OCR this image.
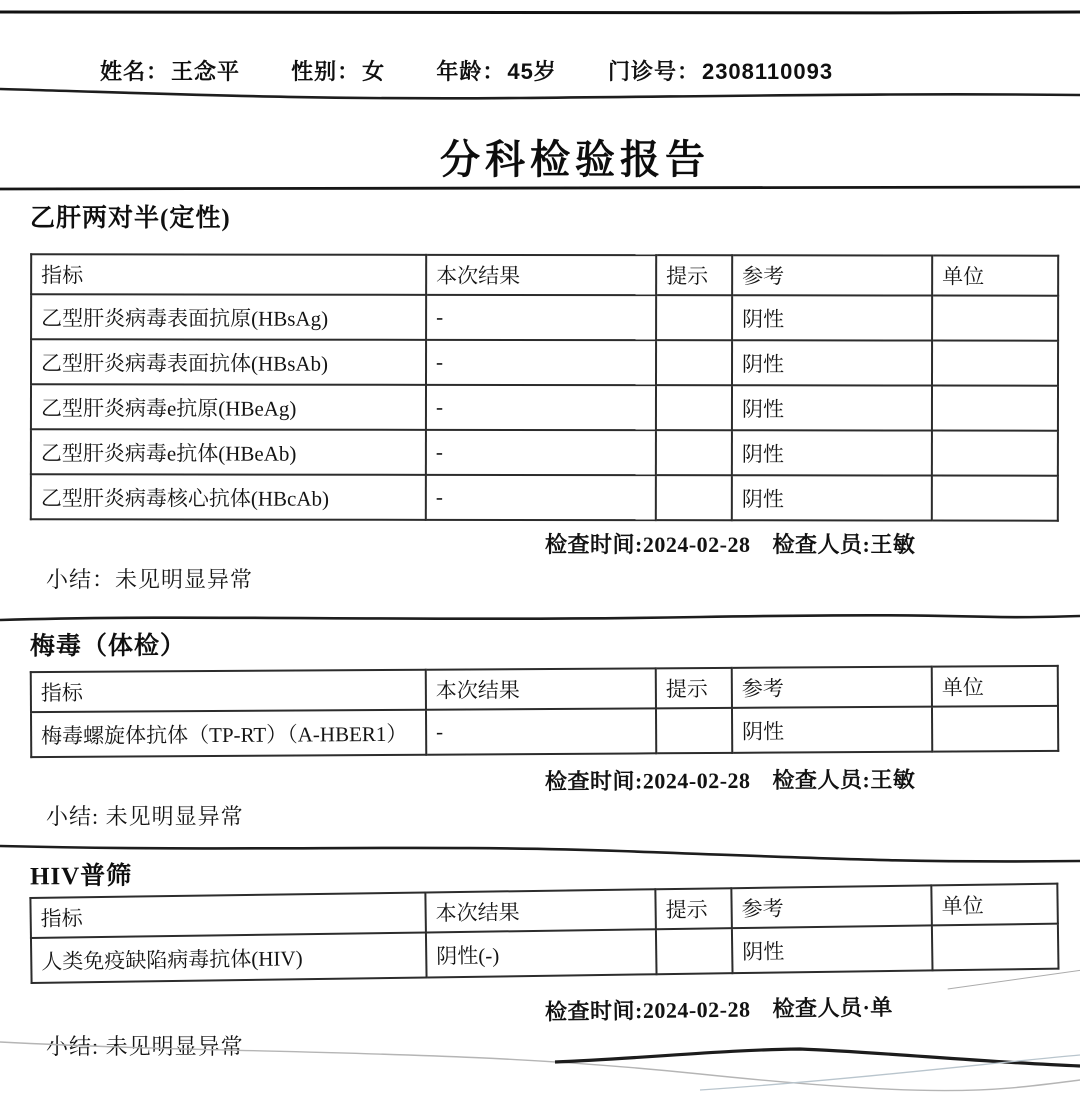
姓名：王念平 性别：女 年龄：45岁 门诊号：2308110093
分科检验报告
乙肝两对半(定性)
指标	本次结果	提示	参考	单位
乙型肝炎病毒表面抗原(HBsAg)	-		阴性	
乙型肝炎病毒表面抗体(HBsAb)	-		阴性	
乙型肝炎病毒e抗原(HBeAg)	-		阴性	
乙型肝炎病毒e抗体(HBeAb)	-		阴性	
乙型肝炎病毒核心抗体(HBcAb)	-		阴性	
检查时间:2024-02-28 检查人员:王敏
小结：未见明显异常
梅毒（体检）
指标	本次结果	提示	参考	单位
梅毒螺旋体抗体（TP-RT）（A-HBER1）	-		阴性	
检查时间:2024-02-28 检查人员:王敏
小结: 未见明显异常
HIV普筛
指标	本次结果	提示	参考	单位
人类免疫缺陷病毒抗体(HIV)	阴性(-)		阴性	
检查时间:2024-02-28 检查人员·单
小结: 未见明显异常
